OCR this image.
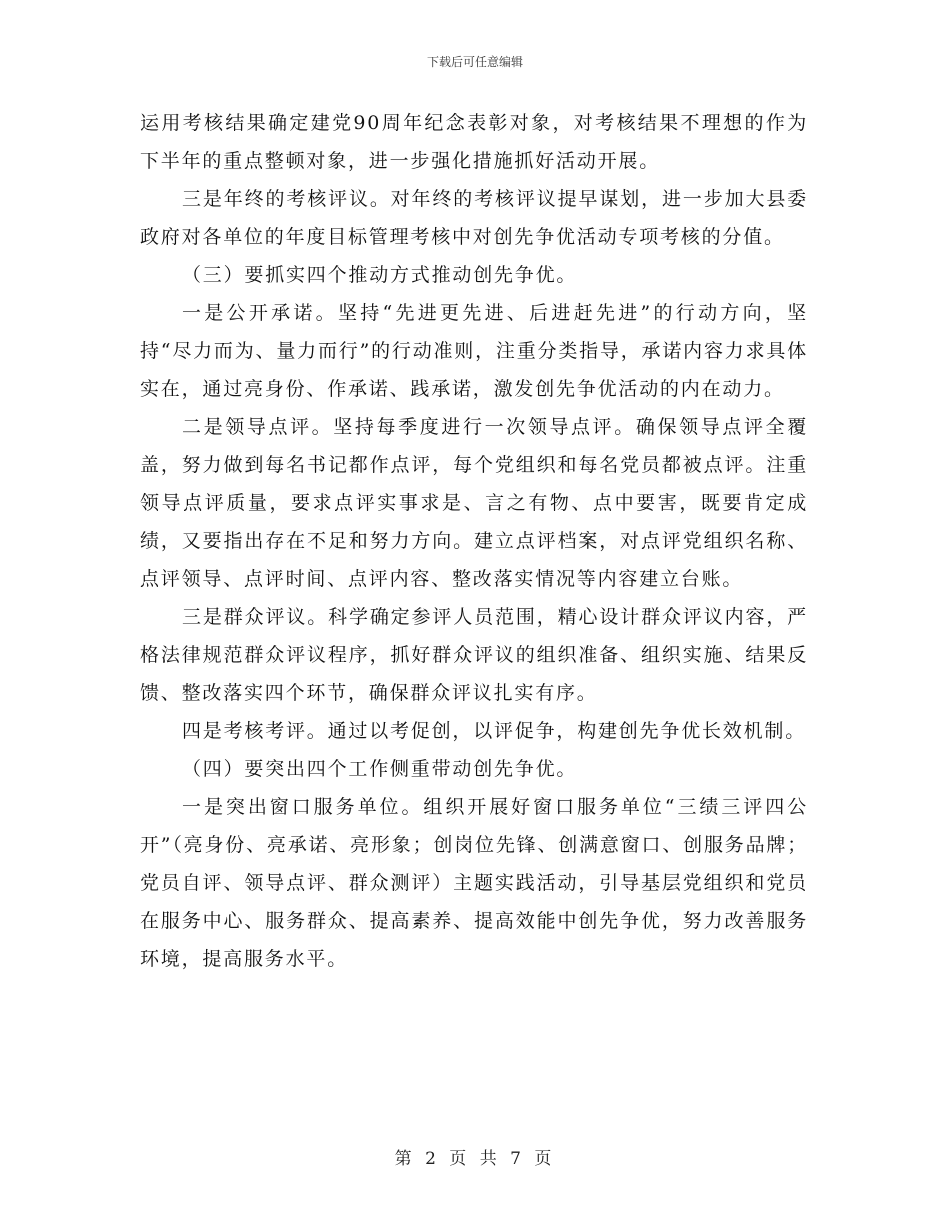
下载后可任意编辑

运用考核结果确定建党90周年纪念表彰对象，对考核结果不理想的作为下半年的重点整顿对象，进一步强化措施抓好活动开展。

三是年终的考核评议。对年终的考核评议提早谋划，进一步加大县委政府对各单位的年度目标管理考核中对创先争优活动专项考核的分值。

（三）要抓实四个推动方式推动创先争优。

一是公开承诺。坚持“先进更先进、后进赶先进”的行动方向，坚持“尽力而为、量力而行”的行动准则，注重分类指导，承诺内容力求具体实在，通过亮身份、作承诺、践承诺，激发创先争优活动的内在动力。

二是领导点评。坚持每季度进行一次领导点评。确保领导点评全覆盖，努力做到每名书记都作点评，每个党组织和每名党员都被点评。注重领导点评质量，要求点评实事求是、言之有物、点中要害，既要肯定成绩，又要指出存在不足和努力方向。建立点评档案，对点评党组织名称、点评领导、点评时间、点评内容、整改落实情况等内容建立台账。

三是群众评议。科学确定参评人员范围，精心设计群众评议内容，严格法律规范群众评议程序，抓好群众评议的组织准备、组织实施、结果反馈、整改落实四个环节，确保群众评议扎实有序。

四是考核考评。通过以考促创，以评促争，构建创先争优长效机制。

（四）要突出四个工作侧重带动创先争优。

一是突出窗口服务单位。组织开展好窗口服务单位“三绩三评四公开”（亮身份、亮承诺、亮形象；创岗位先锋、创满意窗口、创服务品牌；党员自评、领导点评、群众测评）主题实践活动，引导基层党组织和党员在服务中心、服务群众、提高素养、提高效能中创先争优，努力改善服务环境，提高服务水平。

第 2 页 共 7 页
